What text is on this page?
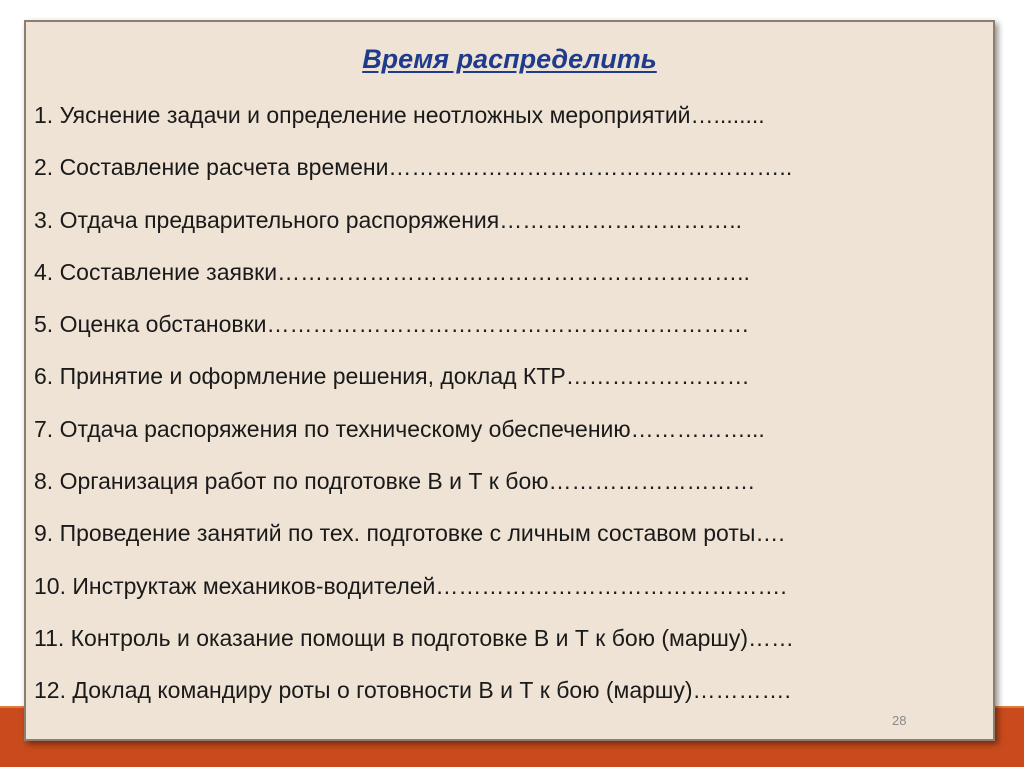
Время распределить
1. Уяснение задачи и определение неотложных мероприятий…........
2. Составление расчета времени……………………………………………..
3. Отдача предварительного распоряжения…………………………..
4. Составление заявки……………………………………………………..
5. Оценка обстановки………………………………………………………
6. Принятие и оформление решения, доклад КТР……………………
7. Отдача распоряжения по техническому обеспечению……………...
8. Организация работ по подготовке В и Т к бою………………………
9. Проведение занятий по тех. подготовке с личным составом роты….
10. Инструктаж механиков-водителей……………………………………….
11. Контроль и оказание помощи в подготовке В и Т к бою (маршу)……
12. Доклад командиру роты о готовности В и Т к бою (маршу)………….
28
